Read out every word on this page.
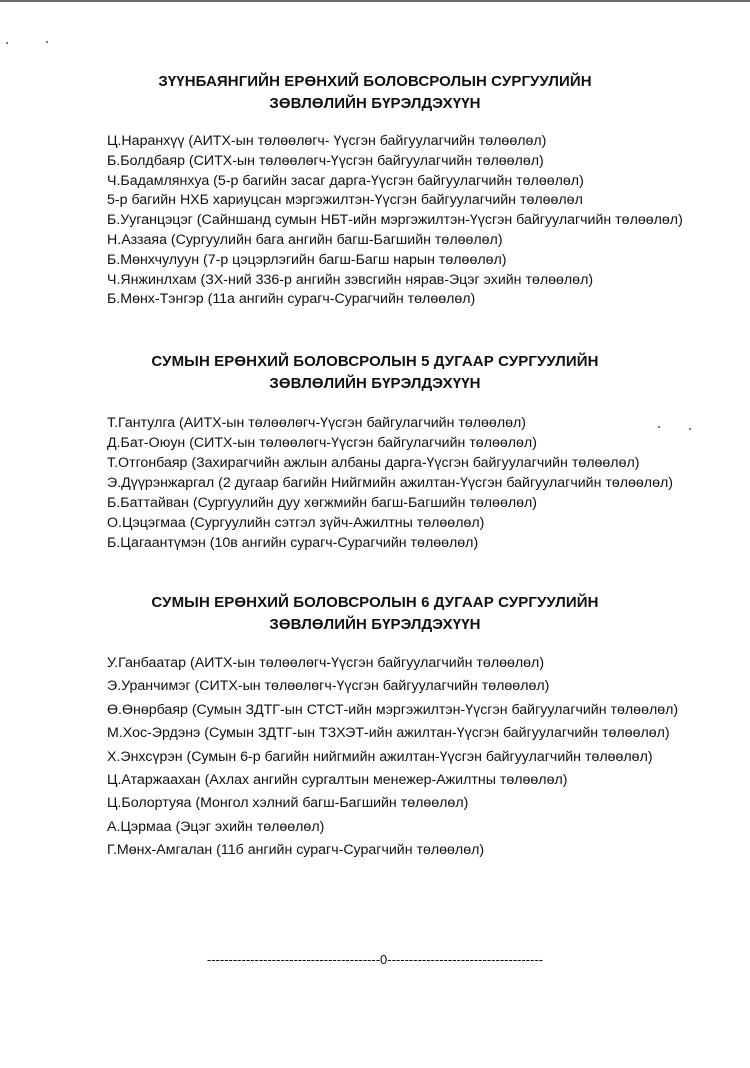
ЗҮҮНБАЯНГИЙН ЕРӨНХИЙ БОЛОВСРОЛЫН СУРГУУЛИЙН
ЗӨВЛӨЛИЙН БҮРЭЛДЭХҮҮН
Ц.Наранхүү (АИТХ-ын төлөөлөгч- Үүсгэн байгуулагчийн төлөөлөл)
Б.Болдбаяр (СИТХ-ын төлөөлөгч-Үүсгэн байгуулагчийн төлөөлөл)
Ч.Бадамлянхуа (5-р багийн засаг дарга-Үүсгэн байгуулагчийн төлөөлөл)
5-р багийн НХБ хариуцсан мэргэжилтэн-Үүсгэн байгуулагчийн төлөөлөл
Б.Ууганцэцэг (Сайншанд сумын НБТ-ийн мэргэжилтэн-Үүсгэн байгуулагчийн төлөөлөл)
Н.Аззаяа (Сургуулийн бага ангийн багш-Багшийн төлөөлөл)
Б.Мөнхчулуун (7-р цэцэрлэгийн багш-Багш нарын төлөөлөл)
Ч.Янжинлхам (ЗХ-ний 336-р ангийн зэвсгийн нярав-Эцэг эхийн төлөөлөл)
Б.Мөнх-Тэнгэр (11а ангийн сурагч-Сурагчийн төлөөлөл)
СУМЫН ЕРӨНХИЙ БОЛОВСРОЛЫН 5 ДУГААР СУРГУУЛИЙН
ЗӨВЛӨЛИЙН БҮРЭЛДЭХҮҮН
Т.Гантулга (АИТХ-ын төлөөлөгч-Үүсгэн байгулагчийн төлөөлөл)
Д.Бат-Оюун (СИТХ-ын төлөөлөгч-Үүсгэн байгулагчийн төлөөлөл)
Т.Отгонбаяр (Захирагчийн ажлын албаны дарга-Үүсгэн байгуулагчийн төлөөлөл)
Э.Дүүрэнжаргал (2 дугаар багийн Нийгмийн ажилтан-Үүсгэн байгуулагчийн төлөөлөл)
Б.Баттайван (Сургуулийн дуу хөгжмийн багш-Багшийн төлөөлөл)
О.Цэцэгмаа (Сургуулийн сэтгэл зүйч-Ажилтны төлөөлөл)
Б.Цагаантүмэн (10в ангийн сурагч-Сурагчийн төлөөлөл)
СУМЫН ЕРӨНХИЙ БОЛОВСРОЛЫН 6 ДУГААР СУРГУУЛИЙН
ЗӨВЛӨЛИЙН БҮРЭЛДЭХҮҮН
У.Ганбаатар (АИТХ-ын төлөөлөгч-Үүсгэн байгуулагчийн төлөөлөл)
Э.Уранчимэг (СИТХ-ын төлөөлөгч-Үүсгэн байгуулагчийн төлөөлөл)
Ө.Өнөрбаяр (Сумын ЗДТГ-ын СТСТ-ийн мэргэжилтэн-Үүсгэн байгуулагчийн төлөөлөл)
М.Хос-Эрдэнэ (Сумын ЗДТГ-ын ТЗХЭТ-ийн ажилтан-Үүсгэн байгуулагчийн төлөөлөл)
Х.Энхсүрэн (Сумын 6-р багийн нийгмийн ажилтан-Үүсгэн байгуулагчийн төлөөлөл)
Ц.Атаржаахан (Ахлах ангийн сургалтын менежер-Ажилтны төлөөлөл)
Ц.Болортуяа (Монгол хэлний багш-Багшийн төлөөлөл)
А.Цэрмаа (Эцэг эхийн төлөөлөл)
Г.Мөнх-Амгалан (11б ангийн сурагч-Сурагчийн төлөөлөл)
----------------------------------------0------------------------------------
